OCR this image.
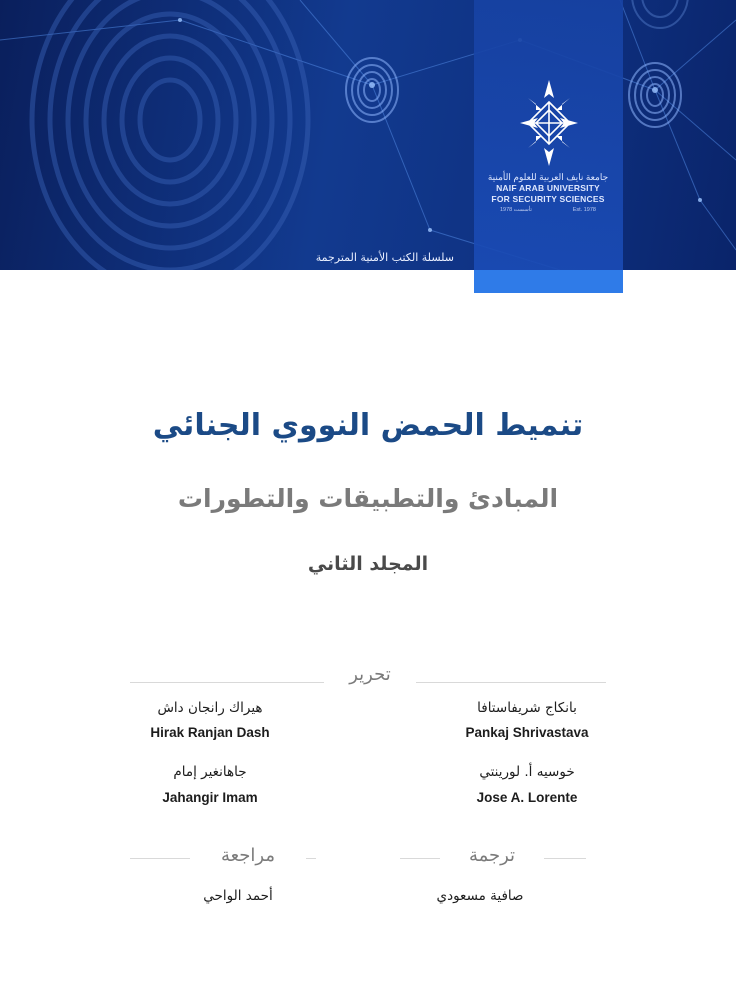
جامعة نايف العربية للعلوم الأمنية
NAIF ARAB UNIVERSITY
FOR SECURITY SCIENCES
تأسست 1978	Est. 1978
سلسلة الكتب الأمنية المترجمة
تنميط الحمض النووي الجنائي
المبادئ والتطبيقات والتطورات
المجلد الثاني
تحرير
بانكاج شريفاستافا
Pankaj Shrivastava
هيراك رانجان داش
Hirak Ranjan Dash
خوسيه أ. لورينتي
Jose A. Lorente
جاهانغير إمام
Jahangir Imam
ترجمة
صافية مسعودي
مراجعة
أحمد الواحي
